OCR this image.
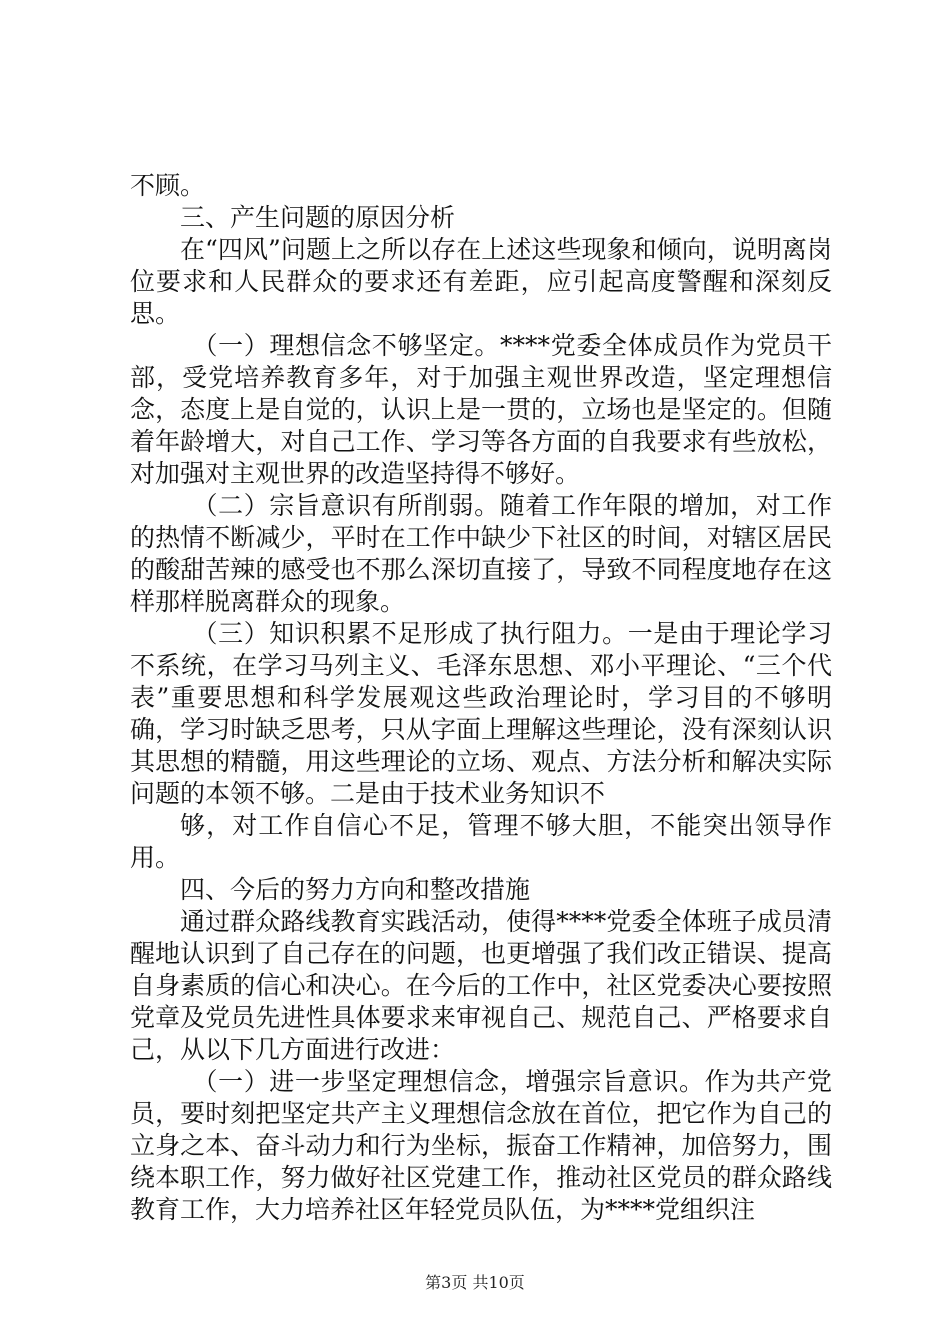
不顾。

三、产生问题的原因分析

在“四风”问题上之所以存在上述这些现象和倾向，说明离岗位要求和人民群众的要求还有差距，应引起高度警醒和深刻反思。

（一）理想信念不够坚定。****党委全体成员作为党员干部，受党培养教育多年，对于加强主观世界改造，坚定理想信念，态度上是自觉的，认识上是一贯的，立场也是坚定的。但随着年龄增大，对自己工作、学习等各方面的自我要求有些放松，对加强对主观世界的改造坚持得不够好。

（二）宗旨意识有所削弱。随着工作年限的增加，对工作的热情不断减少，平时在工作中缺少下社区的时间，对辖区居民的酸甜苦辣的感受也不那么深切直接了，导致不同程度地存在这样那样脱离群众的现象。

（三）知识积累不足形成了执行阻力。一是由于理论学习不系统，在学习马列主义、毛泽东思想、邓小平理论、“三个代表”重要思想和科学发展观这些政治理论时，学习目的不够明确，学习时缺乏思考，只从字面上理解这些理论，没有深刻认识其思想的精髓，用这些理论的立场、观点、方法分析和解决实际问题的本领不够。二是由于技术业务知识不

够，对工作自信心不足，管理不够大胆，不能突出领导作用。

四、今后的努力方向和整改措施

通过群众路线教育实践活动，使得****党委全体班子成员清醒地认识到了自己存在的问题，也更增强了我们改正错误、提高自身素质的信心和决心。在今后的工作中，社区党委决心要按照党章及党员先进性具体要求来审视自己、规范自己、严格要求自己，从以下几方面进行改进：

（一）进一步坚定理想信念，增强宗旨意识。作为共产党员，要时刻把坚定共产主义理想信念放在首位，把它作为自己的立身之本、奋斗动力和行为坐标，振奋工作精神，加倍努力，围绕本职工作，努力做好社区党建工作，推动社区党员的群众路线教育工作，大力培养社区年轻党员队伍，为****党组织注

第3页 共10页
